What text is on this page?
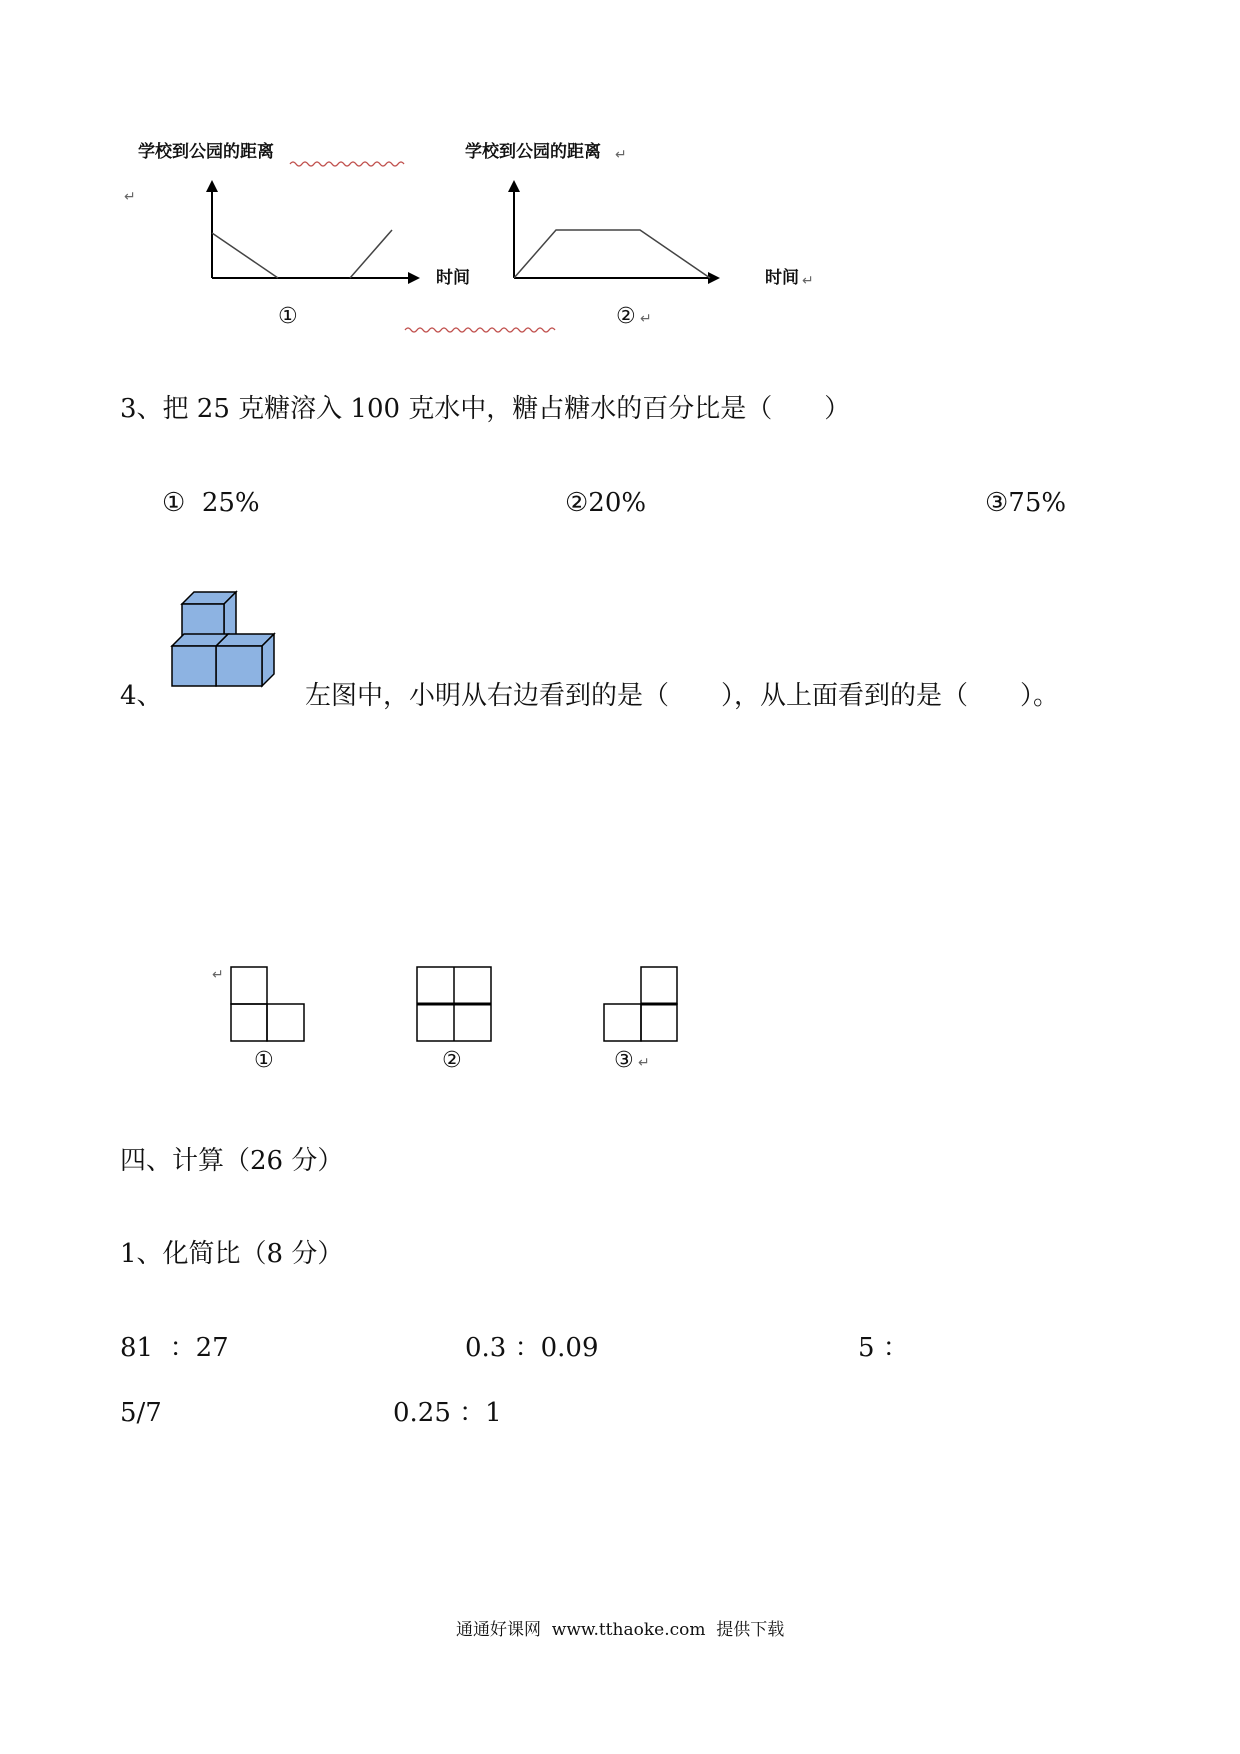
学校到公园的距离
↵
时间
①
学校到公园的距离 ↵
时间 ↵
② ↵
3、把 25 克糖溶入 100 克水中，糖占糖水的百分比是（　　）
①  25%	②20%	③75%
4、	左图中，小明从右边看到的是（　　），从上面看到的是（　　）。
↵
①	②	③ ↵
四、计算（26 分）
1、化简比（8 分）
81  ：27	0.3 ：0.09	5 ：
5/7	0.25 ：1
通通好课网  www.tthaoke.com  提供下载
